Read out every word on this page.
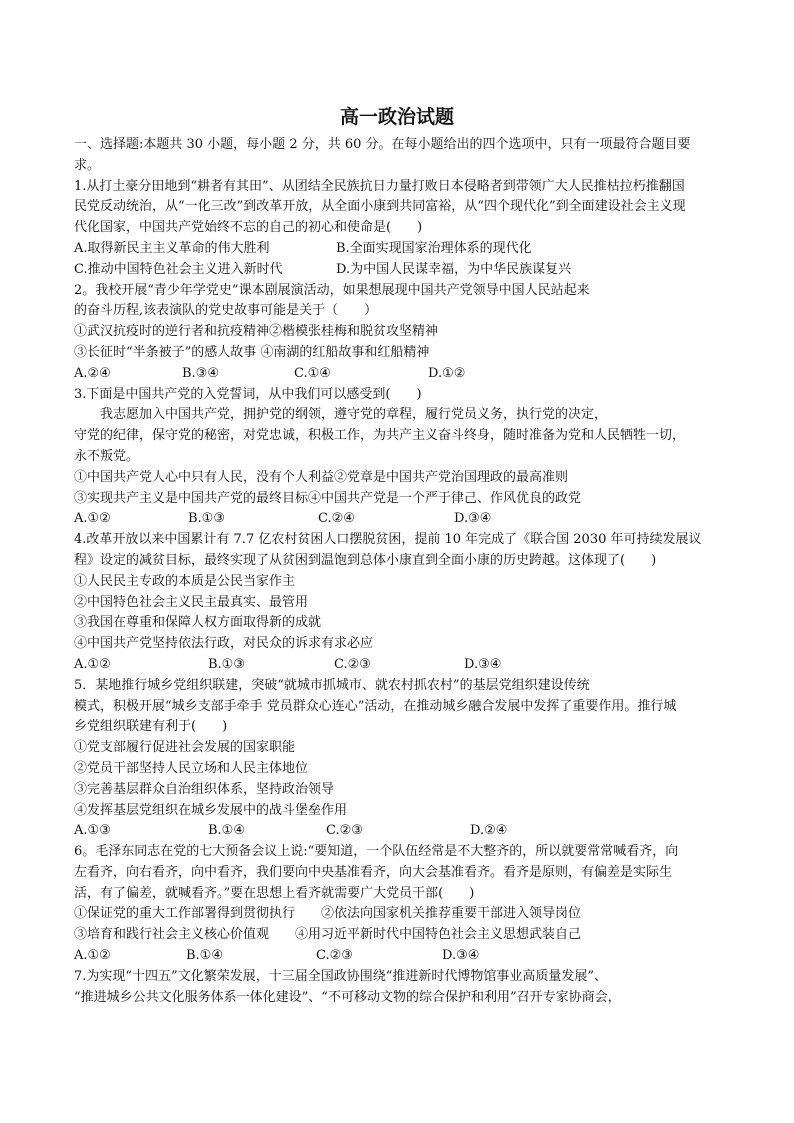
高一政治试题
一、选择题:本题共 30 小题，每小题 2 分，共 60 分。在每小题给出的四个选项中，只有一项最符合题目要
求。
1.从打土豪分田地到“耕者有其田”、从团结全民族抗日力量打败日本侵略者到带领广大人民推枯拉朽推翻国
民党反动统治，从“一化三改”到改革开放，从全面小康到共同富裕，从“四个现代化”到全面建设社会主义现
代化国家，中国共产党始终不忘的自己的初心和使命是(　　)
A.取得新民主主义革命的伟大胜利	B.全面实现国家治理体系的现代化
C.推动中国特色社会主义进入新时代	D.为中国人民谋幸福，为中华民族谋复兴
2。我校开展“青少年学党史”课本剧展演活动，如果想展现中国共产党领导中国人民站起来
的奋斗历程,该表演队的党史故事可能是关于（　　）
①武汉抗疫时的逆行者和抗疫精神②楷模张桂梅和脱贫攻坚精神
③长征时“半条被子”的感人故事 ④南湖的红船故事和红船精神
A.②④	B.③④	C.①④	D.①②
3.下面是中国共产党的入党誓词，从中我们可以感受到(　　)
我志愿加入中国共产党，拥护党的纲领，遵守党的章程，履行党员义务，执行党的决定，
守党的纪律，保守党的秘密，对党忠诚，积极工作，为共产主义奋斗终身，随时准备为党和人民牺牲一切，
永不叛党。
①中国共产党人心中只有人民，没有个人利益②党章是中国共产党治国理政的最高准则
③实现共产主义是中国共产党的最终目标④中国共产党是一个严于律己、作风优良的政党
A.①②	B.①③	C.②④	D.③④
4.改革开放以来中国累计有 7.7 亿农村贫困人口摆脱贫困，提前 10 年完成了《联合国 2030 年可持续发展议
程》设定的减贫目标，最终实现了从贫困到温饱到总体小康直到全面小康的历史跨越。这体现了(　　)
①人民民主专政的本质是公民当家作主
②中国特色社会主义民主最真实、最管用
③我国在尊重和保障人权方面取得新的成就
④中国共产党坚持依法行政，对民众的诉求有求必应
A.①②	B.①③	C.②③	D.③④
5．某地推行城乡党组织联建，突破“就城市抓城市、就农村抓农村”的基层党组织建设传统
模式，积极开展“城乡支部手牵手 党员群众心连心”活动，在推动城乡融合发展中发挥了重要作用。推行城
乡党组织联建有利于(　　)
①党支部履行促进社会发展的国家职能
②党员干部坚持人民立场和人民主体地位
③完善基层群众自治组织体系，坚持政治领导
④发挥基层党组织在城乡发展中的战斗堡垒作用
A.①③	B.①④	C.②③	D.②④
6。毛泽东同志在党的七大预备会议上说:“要知道，一个队伍经常是不大整齐的，所以就要常常喊看齐，向
左看齐，向右看齐，向中看齐，我们要向中央基准看齐，向大会基准看齐。看齐是原则，有偏差是实际生
活，有了偏差，就喊看齐。”要在思想上看齐就需要广大党员干部(　　)
①保证党的重大工作部署得到贯彻执行　　②依法向国家机关推荐重要干部进入领导岗位
③培育和践行社会主义核心价值观　　④用习近平新时代中国特色社会主义思想武装自己
A.①②	B.①④	C.②③	D.③④
7.为实现“十四五”文化繁荣发展，十三届全国政协围绕“推进新时代博物馆事业高质量发展”、
“推进城乡公共文化服务体系一体化建设”、“不可移动文物的综合保护和利用”召开专家协商会，
